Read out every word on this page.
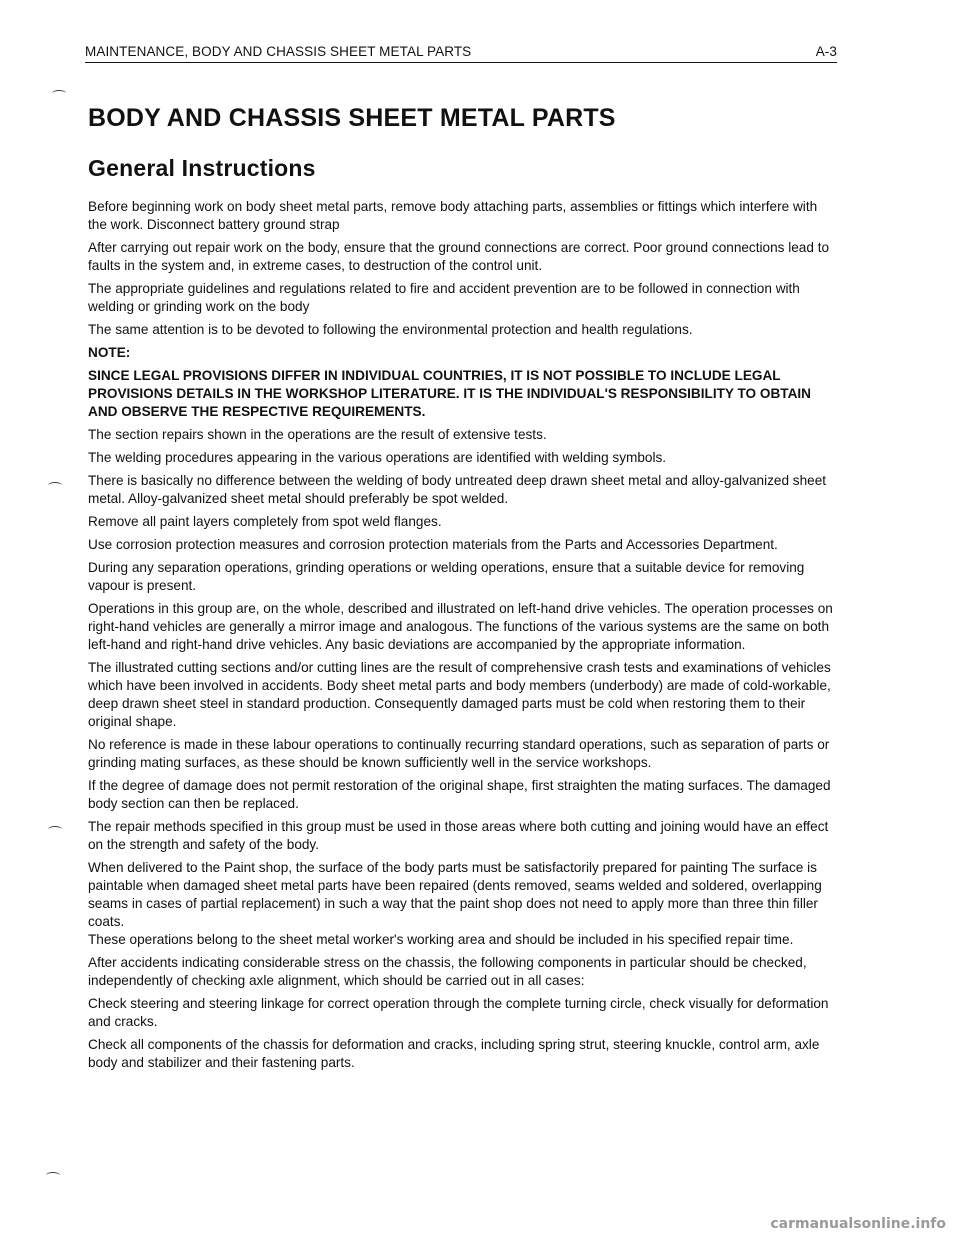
MAINTENANCE, BODY AND CHASSIS SHEET METAL PARTS	A-3
BODY AND CHASSIS SHEET METAL PARTS
General Instructions

Before beginning work on body sheet metal parts, remove body attaching parts, assemblies or fittings which interfere with the work. Disconnect battery ground strap

After carrying out repair work on the body, ensure that the ground connections are correct. Poor ground connections lead to faults in the system and, in extreme cases, to destruction of the control unit.

The appropriate guidelines and regulations related to fire and accident prevention are to be followed in connection with welding or grinding work on the body

The same attention is to be devoted to following the environmental protection and health regulations.

NOTE:

SINCE LEGAL PROVISIONS DIFFER IN INDIVIDUAL COUNTRIES, IT IS NOT POSSIBLE TO INCLUDE LEGAL PROVISIONS DETAILS IN THE WORKSHOP LITERATURE. IT IS THE INDIVIDUAL'S RESPONSIBILITY TO OBTAIN AND OBSERVE THE RESPECTIVE REQUIREMENTS.

The section repairs shown in the operations are the result of extensive tests.

The welding procedures appearing in the various operations are identified with welding symbols.

There is basically no difference between the welding of body untreated deep drawn sheet metal and alloy-galvanized sheet metal. Alloy-galvanized sheet metal should preferably be spot welded.

Remove all paint layers completely from spot weld flanges.

Use corrosion protection measures and corrosion protection materials from the Parts and Accessories Department.

During any separation operations, grinding operations or welding operations, ensure that a suitable device for removing vapour is present.

Operations in this group are, on the whole, described and illustrated on left-hand drive vehicles. The operation processes on right-hand vehicles are generally a mirror image and analogous. The functions of the various systems are the same on both left-hand and right-hand drive vehicles. Any basic deviations are accompanied by the appropriate information.

The illustrated cutting sections and/or cutting lines are the result of comprehensive crash tests and examinations of vehicles which have been involved in accidents. Body sheet metal parts and body members (underbody) are made of cold-workable, deep drawn sheet steel in standard production. Consequently damaged parts must be cold when restoring them to their original shape.

No reference is made in these labour operations to continually recurring standard operations, such as separation of parts or grinding mating surfaces, as these should be known sufficiently well in the service workshops.

If the degree of damage does not permit restoration of the original shape, first straighten the mating surfaces. The damaged body section can then be replaced.

The repair methods specified in this group must be used in those areas where both cutting and joining would have an effect on the strength and safety of the body.

When delivered to the Paint shop, the surface of the body parts must be satisfactorily prepared for painting The surface is paintable when damaged sheet metal parts have been repaired (dents removed, seams welded and soldered, overlapping seams in cases of partial replacement) in such a way that the paint shop does not need to apply more than three thin filler coats.

These operations belong to the sheet metal worker's working area and should be included in his specified repair time.

After accidents indicating considerable stress on the chassis, the following components in particular should be checked, independently of checking axle alignment, which should be carried out in all cases:

Check steering and steering linkage for correct operation through the complete turning circle, check visually for deformation and cracks.

Check all components of the chassis for deformation and cracks, including spring strut, steering knuckle, control arm, axle body and stabilizer and their fastening parts.

carmanualsonline.info
